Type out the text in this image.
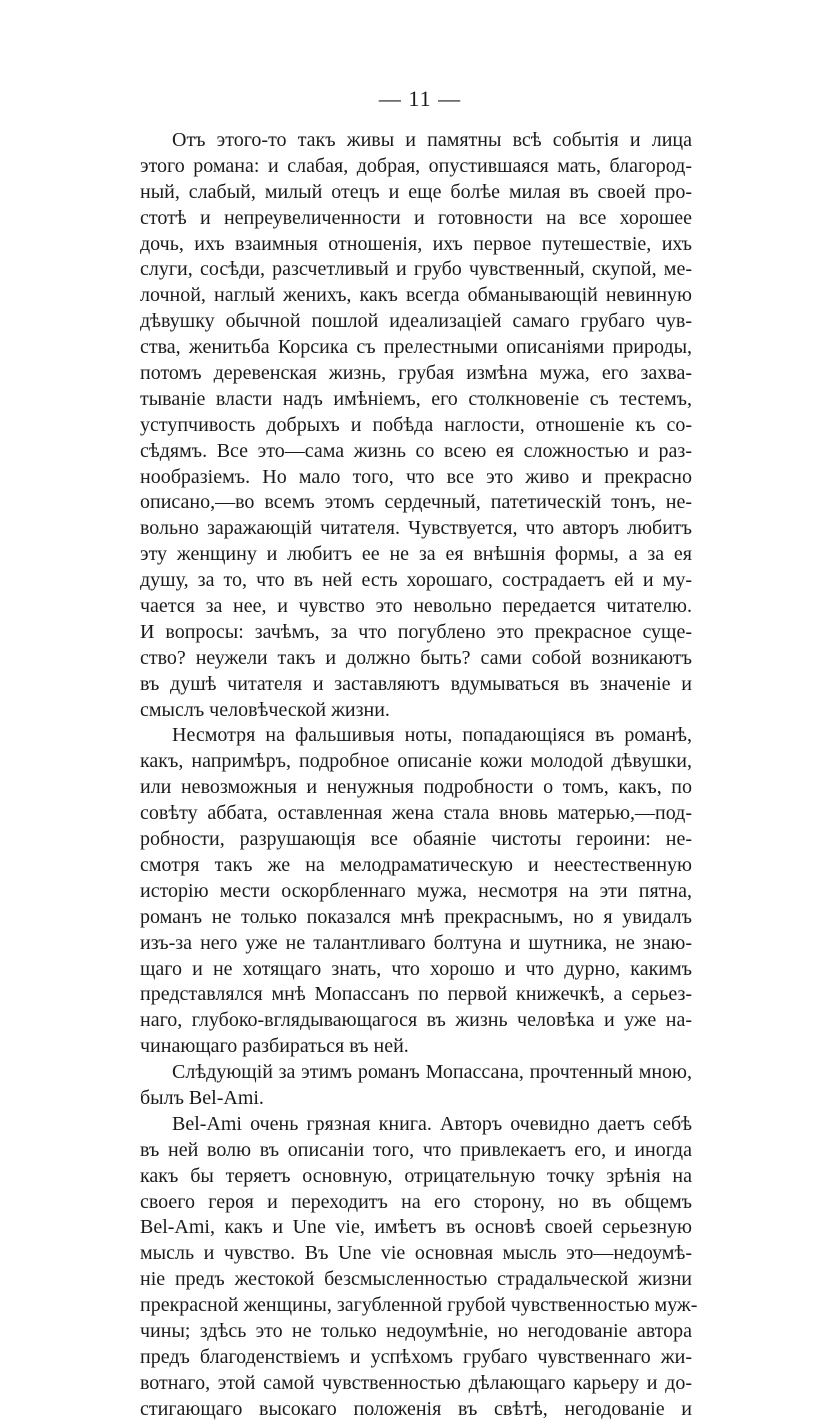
— 11 —
Отъ этого-то такъ живы и памятны всѣ событія и лица
этого романа: и слабая, добрая, опустившаяся мать, благород-
ный, слабый, милый отецъ и еще болѣе милая въ своей про-
стотѣ и непреувеличенности и готовности на все хорошее
дочь, ихъ взаимныя отношенія, ихъ первое путешествіе, ихъ
слуги, сосѣди, разсчетливый и грубо чувственный, скупой, ме-
лочной, наглый женихъ, какъ всегда обманывающій невинную
дѣвушку обычной пошлой идеализаціей самаго грубаго чув-
ства, женитьба Корсика съ прелестными описаніями природы,
потомъ деревенская жизнь, грубая измѣна мужа, его захва-
тываніе власти надъ имѣніемъ, его столкновеніе съ тестемъ,
уступчивость добрыхъ и побѣда наглости, отношеніе къ со-
сѣдямъ. Все это—сама жизнь со всею ея сложностью и раз-
нообразіемъ. Но мало того, что все это живо и прекрасно
описано,—во всемъ этомъ сердечный, патетическій тонъ, не-
вольно заражающій читателя. Чувствуется, что авторъ любитъ
эту женщину и любитъ ее не за ея внѣшнія формы, а за ея
душу, за то, что въ ней есть хорошаго, сострадаетъ ей и му-
чается за нее, и чувство это невольно передается читателю.
И вопросы: зачѣмъ, за что погублено это прекрасное суще-
ство? неужели такъ и должно быть? сами собой возникаютъ
въ душѣ читателя и заставляютъ вдумываться въ значеніе и
смыслъ человѣческой жизни.
Несмотря на фальшивыя ноты, попадающіяся въ романѣ,
какъ, напримѣръ, подробное описаніе кожи молодой дѣвушки,
или невозможныя и ненужныя подробности о томъ, какъ, по
совѣту аббата, оставленная жена стала вновь матерью,—под-
робности, разрушающія все обаяніе чистоты героини: не-
смотря такъ же на мелодраматическую и неестественную
исторію мести оскорбленнаго мужа, несмотря на эти пятна,
романъ не только показался мнѣ прекраснымъ, но я увидалъ
изъ-за него уже не талантливаго болтуна и шутника, не знаю-
щаго и не хотящаго знать, что хорошо и что дурно, какимъ
представлялся мнѣ Мопассанъ по первой книжечкѣ, а серьез-
наго, глубоко-вглядывающагося въ жизнь человѣка и уже на-
чинающаго разбираться въ ней.
Слѣдующій за этимъ романъ Мопассана, прочтенный мною,
былъ Bel-Ami.
Bel-Ami очень грязная книга. Авторъ очевидно даетъ себѣ
въ ней волю въ описаніи того, что привлекаетъ его, и иногда
какъ бы теряетъ основную, отрицательную точку зрѣнія на
своего героя и переходитъ на его сторону, но въ общемъ
Bel-Ami, какъ и Une vie, имѣетъ въ основѣ своей серьезную
мысль и чувство. Въ Une vie основная мысль это—недоумѣ-
ніе предъ жестокой безсмысленностью страдальческой жизни
прекрасной женщины, загубленной грубой чувственностью муж-
чины; здѣсь это не только недоумѣніе, но негодованіе автора
предъ благоденствіемъ и успѣхомъ грубаго чувственнаго жи-
вотнаго, этой самой чувственностью дѣлающаго карьеру и до-
стигающаго высокаго положенія въ свѣтѣ, негодованіе и
